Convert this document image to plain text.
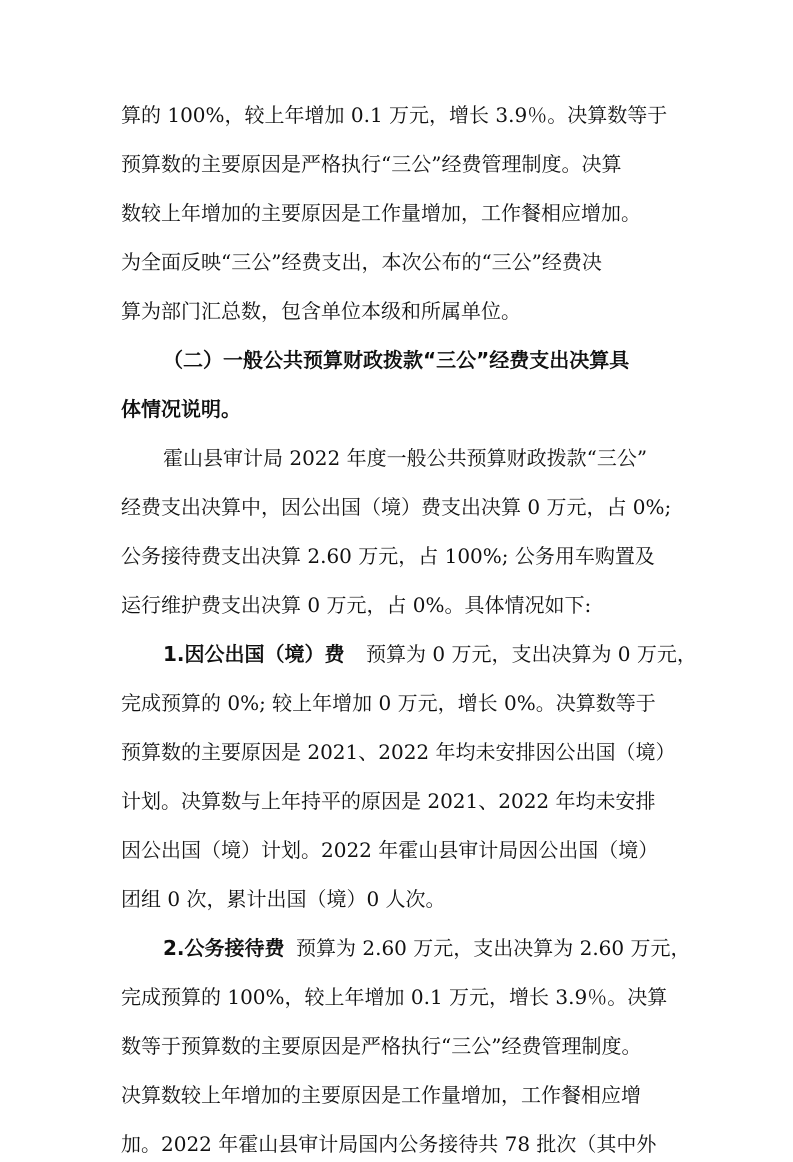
算的 100%，较上年增加 0.1 万元，增长 3.9％。决算数等于
预算数的主要原因是严格执行“三公”经费管理制度。决算
数较上年增加的主要原因是工作量增加，工作餐相应增加。
为全面反映“三公”经费支出，本次公布的“三公”经费决
算为部门汇总数，包含单位本级和所属单位。
（二）一般公共预算财政拨款“三公”经费支出决算具
体情况说明。
霍山县审计局 2022 年度一般公共预算财政拨款“三公”
经费支出决算中，因公出国（境）费支出决算 0 万元，占 0%;
公务接待费支出决算 2.60 万元，占 100%; 公务用车购置及
运行维护费支出决算 0 万元，占 0%。具体情况如下:
1.因公出国（境）费 预算为 0 万元，支出决算为 0 万元，
完成预算的 0%; 较上年增加 0 万元，增长 0%。决算数等于
预算数的主要原因是 2021、2022 年均未安排因公出国（境）
计划。决算数与上年持平的原因是 2021、2022 年均未安排
因公出国（境）计划。2022 年霍山县审计局因公出国（境）
团组 0 次，累计出国（境）0 人次。
2.公务接待费 预算为 2.60 万元，支出决算为 2.60 万元，
完成预算的 100%，较上年增加 0.1 万元，增长 3.9％。决算
数等于预算数的主要原因是严格执行“三公”经费管理制度。
决算数较上年增加的主要原因是工作量增加，工作餐相应增
加。2022 年霍山县审计局国内公务接待共 78 批次（其中外
